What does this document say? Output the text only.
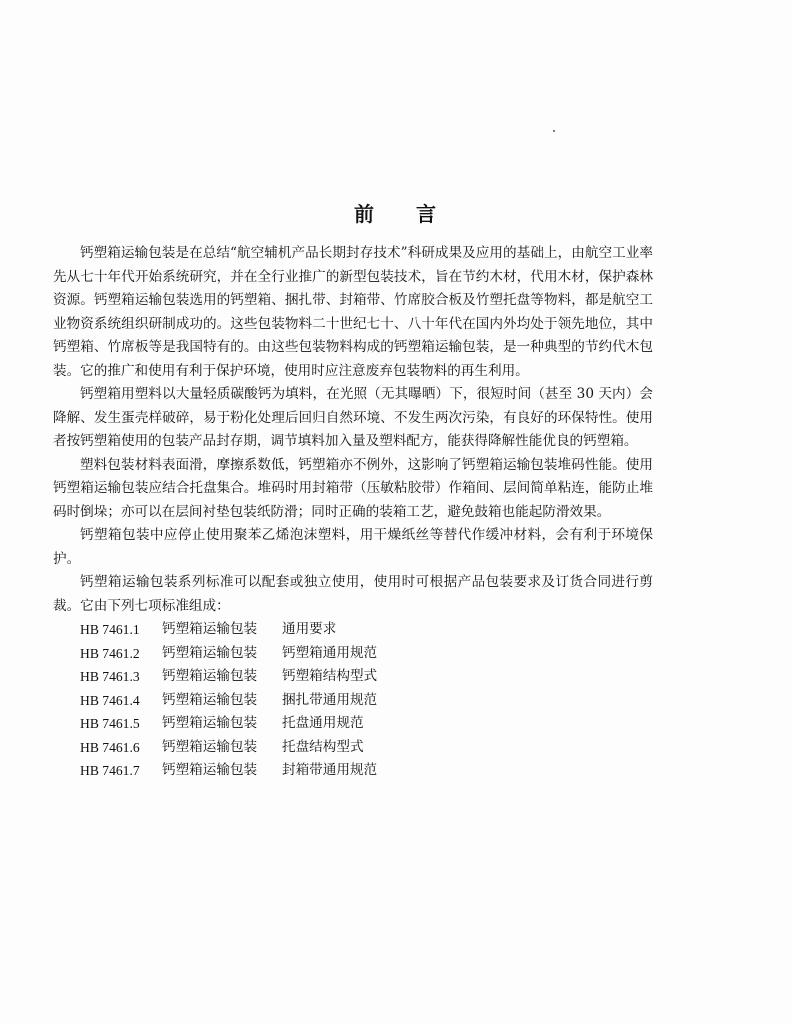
前 言

钙塑箱运输包装是在总结“航空辅机产品长期封存技术”科研成果及应用的基础上，由航空工业率先从七十年代开始系统研究，并在全行业推广的新型包装技术，旨在节约木材，代用木材，保护森林资源。钙塑箱运输包装选用的钙塑箱、捆扎带、封箱带、竹席胶合板及竹塑托盘等物料，都是航空工业物资系统组织研制成功的。这些包装物料二十世纪七十、八十年代在国内外均处于领先地位，其中钙塑箱、竹席板等是我国特有的。由这些包装物料构成的钙塑箱运输包装，是一种典型的节约代木包装。它的推广和使用有利于保护环境，使用时应注意废弃包装物料的再生利用。

钙塑箱用塑料以大量轻质碳酸钙为填料，在光照（无其曝晒）下，很短时间（甚至 30 天内）会降解、发生蛋壳样破碎，易于粉化处理后回归自然环境、不发生两次污染，有良好的环保特性。使用者按钙塑箱使用的包装产品封存期，调节填料加入量及塑料配方，能获得降解性能优良的钙塑箱。

塑料包装材料表面滑，摩擦系数低，钙塑箱亦不例外，这影响了钙塑箱运输包装堆码性能。使用钙塑箱运输包装应结合托盘集合。堆码时用封箱带（压敏粘胶带）作箱间、层间简单粘连，能防止堆码时倒垛；亦可以在层间衬垫包装纸防滑；同时正确的装箱工艺，避免鼓箱也能起防滑效果。

钙塑箱包装中应停止使用聚苯乙烯泡沫塑料，用干燥纸丝等替代作缓冲材料，会有利于环境保护。

钙塑箱运输包装系列标准可以配套或独立使用，使用时可根据产品包装要求及订货合同进行剪裁。它由下列七项标准组成：

HB 7461.1	钙塑箱运输包装	通用要求
HB 7461.2	钙塑箱运输包装	钙塑箱通用规范
HB 7461.3	钙塑箱运输包装	钙塑箱结构型式
HB 7461.4	钙塑箱运输包装	捆扎带通用规范
HB 7461.5	钙塑箱运输包装	托盘通用规范
HB 7461.6	钙塑箱运输包装	托盘结构型式
HB 7461.7	钙塑箱运输包装	封箱带通用规范
